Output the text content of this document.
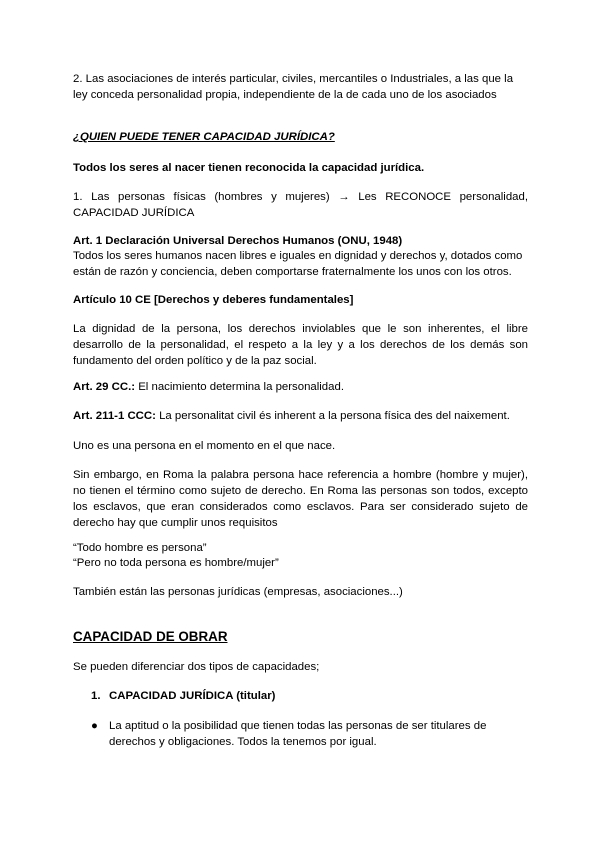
2. Las asociaciones de interés particular, civiles, mercantiles o Industriales, a las que la ley conceda personalidad propia, independiente de la de cada uno de los asociados

¿QUIEN PUEDE TENER CAPACIDAD JURÍDICA?

Todos los seres al nacer tienen reconocida la capacidad jurídica.

1. Las personas físicas (hombres y mujeres) → Les RECONOCE personalidad, CAPACIDAD JURÍDICA

Art. 1 Declaración Universal Derechos Humanos (ONU, 1948)

Todos los seres humanos nacen libres e iguales en dignidad y derechos y, dotados como están de razón y conciencia, deben comportarse fraternalmente los unos con los otros.

Artículo 10 CE [Derechos y deberes fundamentales]

La dignidad de la persona, los derechos inviolables que le son inherentes, el libre desarrollo de la personalidad, el respeto a la ley y a los derechos de los demás son fundamento del orden político y de la paz social.

Art. 29 CC.: El nacimiento determina la personalidad.

Art. 211-1 CCC: La personalitat civil és inherent a la persona física des del naixement.

Uno es una persona en el momento en el que nace.

Sin embargo, en Roma la palabra persona hace referencia a hombre (hombre y mujer), no tienen el término como sujeto de derecho. En Roma las personas son todos, excepto los esclavos, que eran considerados como esclavos. Para ser considerado sujeto de derecho hay que cumplir unos requisitos

“Todo hombre es persona”

“Pero no toda persona es hombre/mujer”

También están las personas jurídicas (empresas, asociaciones...)

CAPACIDAD DE OBRAR

Se pueden diferenciar dos tipos de capacidades;

1. CAPACIDAD JURÍDICA (titular)
● La aptitud o la posibilidad que tienen todas las personas de ser titulares de derechos y obligaciones. Todos la tenemos por igual.
